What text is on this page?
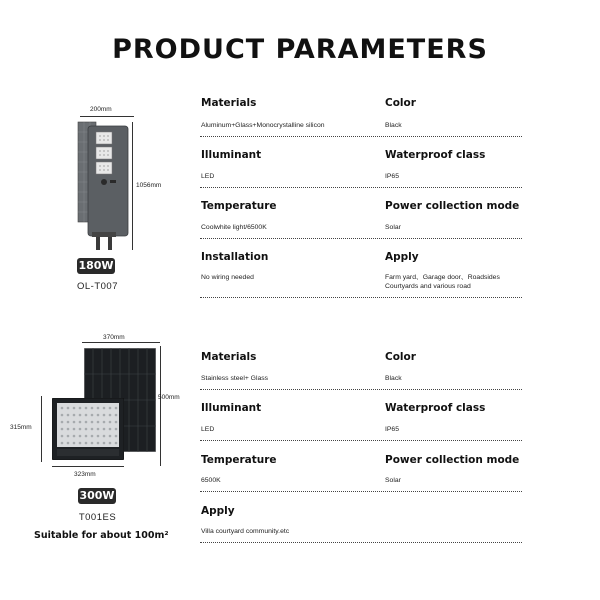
PRODUCT PARAMETERS
200mm
1056mm
180W
OL-T007
Materials	Color
Aluminum+Glass+Monocrystalline silicon	Black
Illuminant	Waterproof class
LED	IP65
Temperature	Power collection mode
Coolwhite light/6500K	Solar
Installation	Apply
No wiring needed	Farm yard、Garage door、Roadsides
Courtyards and various road
370mm
500mm
315mm
323mm
300W
T001ES
Suitable for about 100m²
Materials	Color
Stainless steel+ Glass	Black
Illuminant	Waterproof class
LED	IP65
Temperature	Power collection mode
6500K	Solar
Apply
Villa courtyard community.etc
